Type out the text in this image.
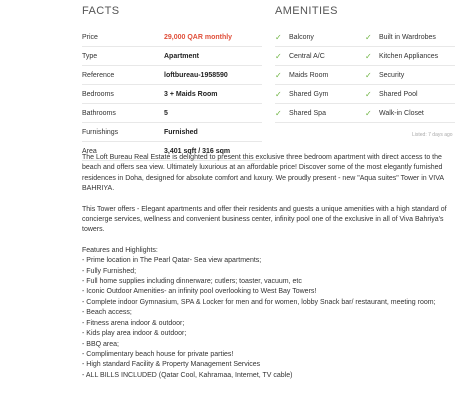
FACTS	AMENITIES
Price	29,000 QAR monthly
Type	Apartment
Reference	loftbureau-1958590
Bedrooms	3 + Maids Room
Bathrooms	5
Furnishings	Furnished
Area	3,401 sqft / 316 sqm
✓ Balcony	✓ Built in Wardrobes
✓ Central A/C	✓ Kitchen Appliances
✓ Maids Room	✓ Security
✓ Shared Gym	✓ Shared Pool
✓ Shared Spa	✓ Walk-in Closet
Listed: 7 days ago

The Loft Bureau Real Estate is delighted to present this exclusive three bedroom apartment with direct access to the beach and offers sea view. Ultimately luxurious at an affordable price! Discover some of the most elegantly furnished residences in Doha, designed for absolute comfort and luxury. We proudly present - new "Aqua suites" Tower in VIVA BAHRIYA.

This Tower offers - Elegant apartments and offer their residents and guests a unique amenities with a high standard of concierge services, wellness and convenient business center, infinity pool one of the exclusive in all of Viva Bahriya's towers.

Features and Highlights:
- Prime location in The Pearl Qatar- Sea view apartments;
- Fully Furnished;
- Full home supplies including dinnerware; cutlers; toaster, vacuum, etc
- Iconic Outdoor Amenities- an infinity pool overlooking to West Bay Towers!
- Complete indoor Gymnasium, SPA & Locker for men and for women, lobby Snack bar/ restaurant, meeting room;
- Beach access;
- Fitness arena indoor & outdoor;
- Kids play area indoor & outdoor;
- BBQ area;
- Complimentary beach house for private parties!
- High standard Facility & Property Management Services
- ALL BILLS INCLUDED (Qatar Cool, Kahramaa, Internet, TV cable)
